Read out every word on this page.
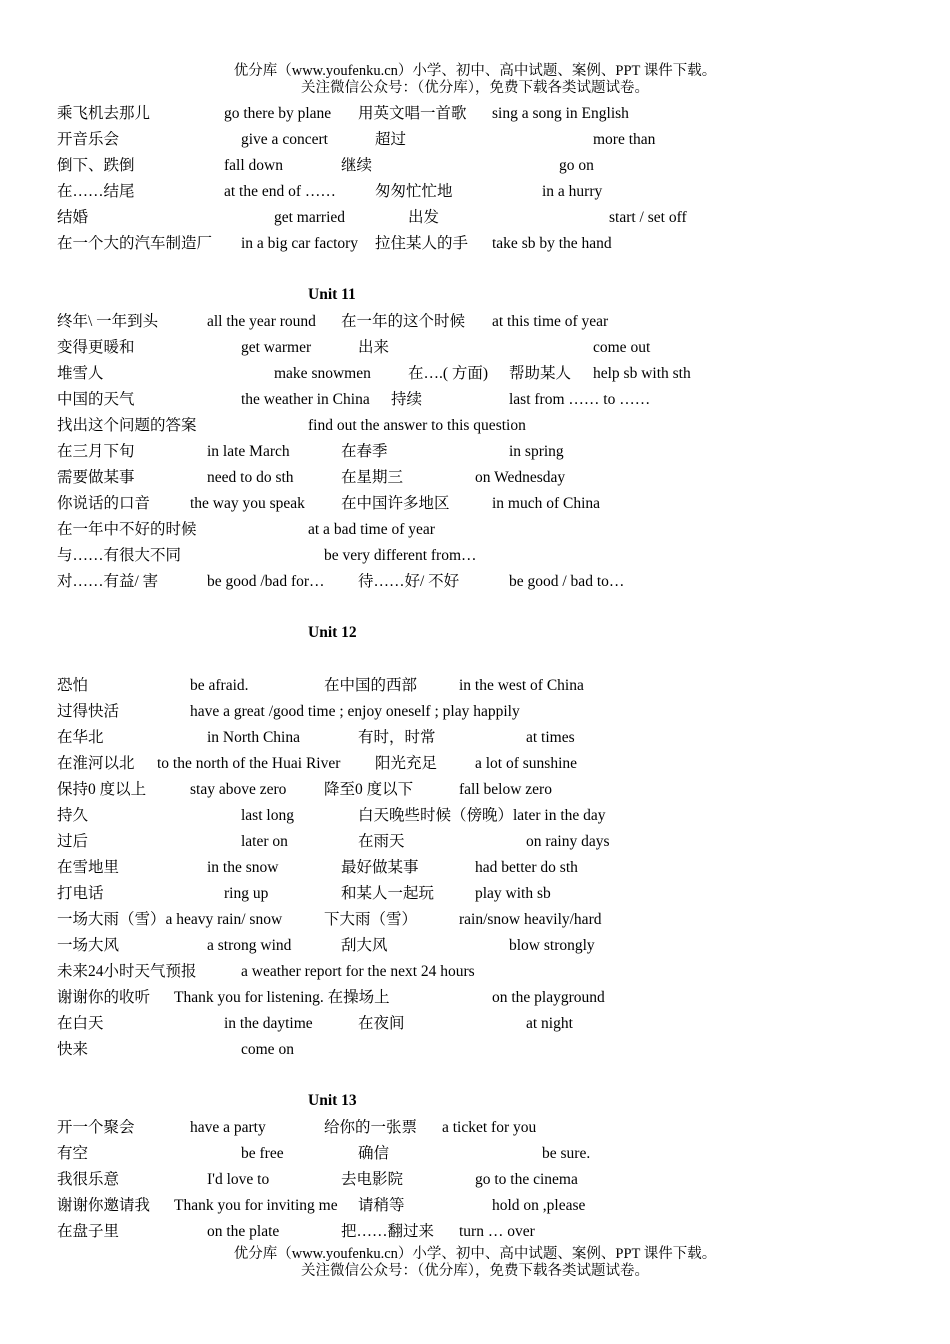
优分库（www.youfenku.cn）小学、初中、高中试题、案例、PPT 课件下载。
关注微信公众号：（优分库），免费下载各类试题试卷。
乘飞机去那儿	go there by plane 用英文唱一首歌 sing a song in English
开音乐会	give a concert	超过	more than
倒下、跌倒	fall down	继续	go on
在……结尾	at the end of ……	匆匆忙忙地	in a hurry
结婚	get married	出发	start / set off
在一个大的汽车制造厂 in a big car factory 拉住某人的手 take sb by the hand
Unit 11
终年\ 一年到头	all the year round 在一年的这个时候 at this time of year
变得更暖和	get warmer	出来	come out
堆雪人	make snowmen 在….( 方面) 帮助某人 help sb with sth
中国的天气	the weather in China 持续	last from …… to ……
找出这个问题的答案	find out the answer to this question
在三月下旬	in late March	在春季	in spring
需要做某事	need to do sth	在星期三	on Wednesday
你说话的口音	the way you speak 在中国许多地区	in much of China
在一年中不好的时候	at a bad time of year
与……有很大不同	be very different from…
对……有益/ 害	be good /bad for… 待……好/ 不好	be good / bad to…
Unit 12
恐怕	be afraid.	在中国的西部	in the west of China
过得快活	have a great /good time ; enjoy oneself ; play happily
在华北	in North China	有时，时常	at times
在淮河以北 to the north of the Huai River 阳光充足 a lot of sunshine
保持0 度以上	stay above zero 降至0 度以下	fall below zero
持久	last long	白天晚些时候（傍晚）later in the day
过后	later on	在雨天	on rainy days
在雪地里	in the snow	最好做某事	had better do sth
打电话	ring up	和某人一起玩	play with sb
一场大雨（雪）a heavy rain/ snow	下大雨（雪）	rain/snow heavily/hard
一场大风	a strong wind	刮大风	blow strongly
未来24小时天气预报	a weather report for the next 24 hours
谢谢你的收听 Thank you for listening. 在操场上	on the playground
在白天	in the daytime	在夜间	at night
快来	come on
Unit 13
开一个聚会	have a party	给你的一张票 a ticket for you
有空	be free	确信	be sure.
我很乐意	I'd love to	去电影院	go to the cinema
谢谢你邀请我 Thank you for inviting me 请稍等	hold on ,please
在盘子里	on the plate	把……翻过来 turn … over
优分库（www.youfenku.cn）小学、初中、高中试题、案例、PPT 课件下载。
关注微信公众号：（优分库），免费下载各类试题试卷。
